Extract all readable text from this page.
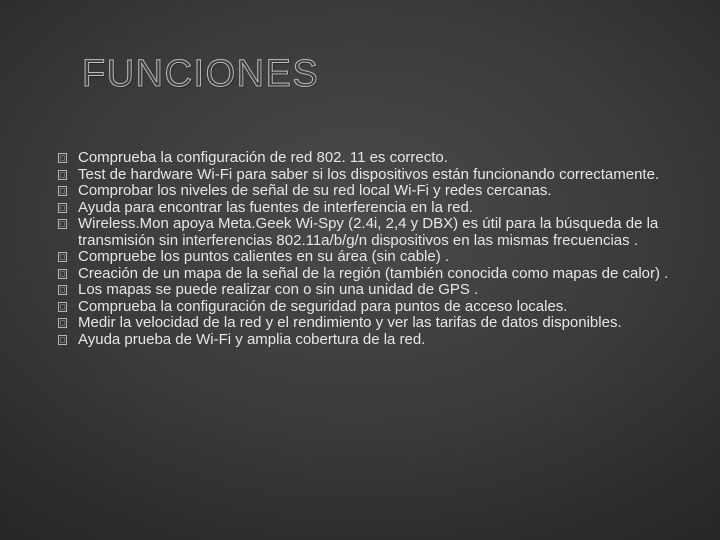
FUNCIONES
Comprueba la configuración de red 802. 11 es correcto.
Test de hardware Wi-Fi para saber si los dispositivos están funcionando correctamente.
Comprobar los niveles de señal de su red local Wi-Fi y redes cercanas.
Ayuda para encontrar las fuentes de interferencia en la red.
Wireless.Mon apoya Meta.Geek Wi-Spy (2.4i, 2,4 y DBX) es útil para la búsqueda de la transmisión sin interferencias 802.11a/b/g/n dispositivos en las mismas frecuencias .
Compruebe los puntos calientes en su área (sin cable) .
Creación de un mapa de la señal de la región (también conocida como mapas de calor) .
Los mapas se puede realizar con o sin una unidad de GPS .
Comprueba la configuración de seguridad para puntos de acceso locales.
Medir la velocidad de la red y el rendimiento y ver las tarifas de datos disponibles.
Ayuda prueba de Wi-Fi y amplia cobertura de la red.
